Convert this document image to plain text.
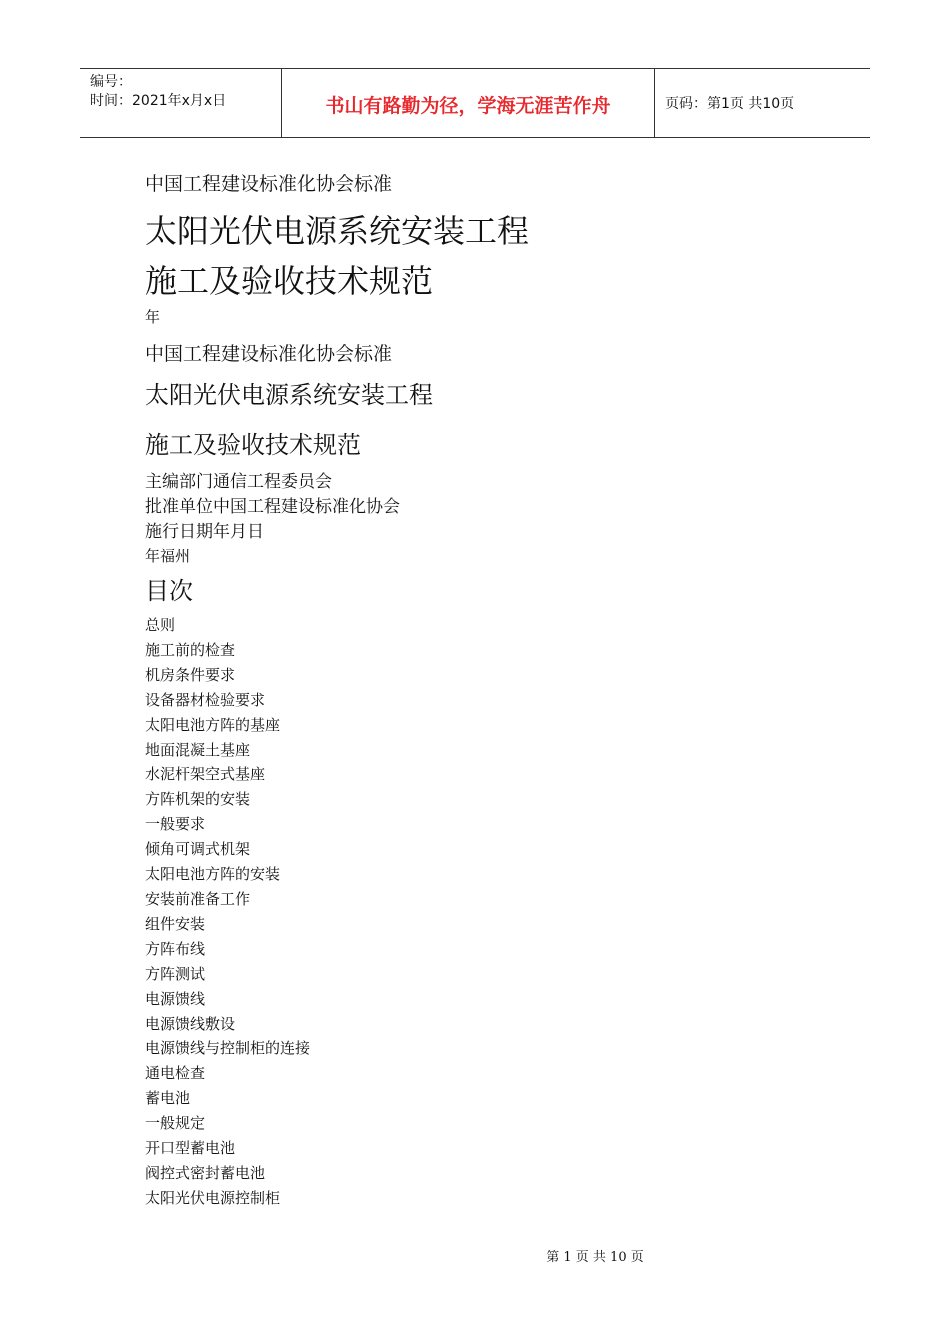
编号：
时间：2021年x月x日	书山有路勤为径，学海无涯苦作舟	页码：第1页 共10页
中国工程建设标准化协会标准
太阳光伏电源系统安装工程
施工及验收技术规范
年
中国工程建设标准化协会标准
太阳光伏电源系统安装工程
施工及验收技术规范
主编部门通信工程委员会
批准单位中国工程建设标准化协会
施行日期年月日
年福州
目次
总则
施工前的检查
机房条件要求
设备器材检验要求
太阳电池方阵的基座
地面混凝土基座
水泥杆架空式基座
方阵机架的安装
一般要求
倾角可调式机架
太阳电池方阵的安装
安装前准备工作
组件安装
方阵布线
方阵测试
电源馈线
电源馈线敷设
电源馈线与控制柜的连接
通电检查
蓄电池
一般规定
开口型蓄电池
阀控式密封蓄电池
太阳光伏电源控制柜
第 1 页 共 10 页
